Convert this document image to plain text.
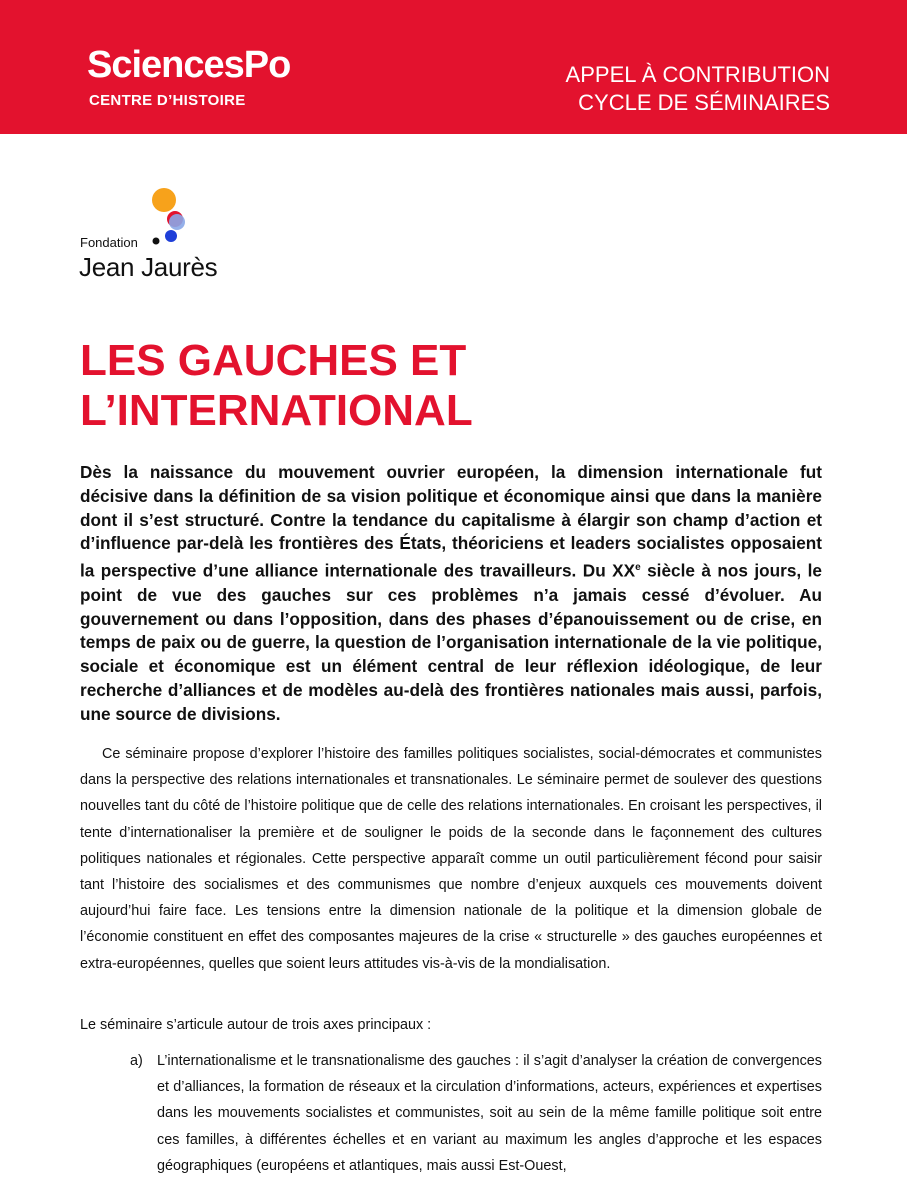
SciencesPo
CENTRE D’HISTOIRE
APPEL À CONTRIBUTION
CYCLE DE SÉMINAIRES
Fondation
Jean Jaurès
LES GAUCHES ET
L’INTERNATIONAL

Dès la naissance du mouvement ouvrier européen, la dimension internationale fut décisive dans la définition de sa vision politique et économique ainsi que dans la manière dont il s’est structuré. Contre la tendance du capitalisme à élargir son champ d’action et d’influence par-delà les frontières des États, théoriciens et leaders socialistes opposaient la perspective d’une alliance internationale des travailleurs. Du XXe siècle à nos jours, le point de vue des gauches sur ces problèmes n’a jamais cessé d’évoluer. Au gouvernement ou dans l’opposition, dans des phases d’épanouissement ou de crise, en temps de paix ou de guerre, la question de l’organisation internationale de la vie politique, sociale et économique est un élément central de leur réflexion idéologique, de leur recherche d’alliances et de modèles au-delà des frontières nationales mais aussi, parfois, une source de divisions.

Ce séminaire propose d’explorer l’histoire des familles politiques socialistes, social-démocrates et communistes dans la perspective des relations internationales et transnationales. Le séminaire permet de soulever des questions nouvelles tant du côté de l’histoire politique que de celle des relations internationales. En croisant les perspectives, il tente d’internationaliser la première et de souligner le poids de la seconde dans le façonnement des cultures politiques nationales et régionales. Cette perspective apparaît comme un outil particulièrement fécond pour saisir tant l’histoire des socialismes et des communismes que nombre d’enjeux auxquels ces mouvements doivent aujourd’hui faire face. Les tensions entre la dimension nationale de la politique et la dimension globale de l’économie constituent en effet des composantes majeures de la crise « structurelle » des gauches européennes et extra-européennes, quelles que soient leurs attitudes vis-à-vis de la mondialisation.

Le séminaire s’articule autour de trois axes principaux :

a) L’internationalisme et le transnationalisme des gauches : il s’agit d’analyser la création de convergences et d’alliances, la formation de réseaux et la circulation d’informations, acteurs, expériences et expertises dans les mouvements socialistes et communistes, soit au sein de la même famille politique soit entre ces familles, à différentes échelles et en variant au maximum les angles d’approche et les espaces géographiques (européens et atlantiques, mais aussi Est-Ouest,
